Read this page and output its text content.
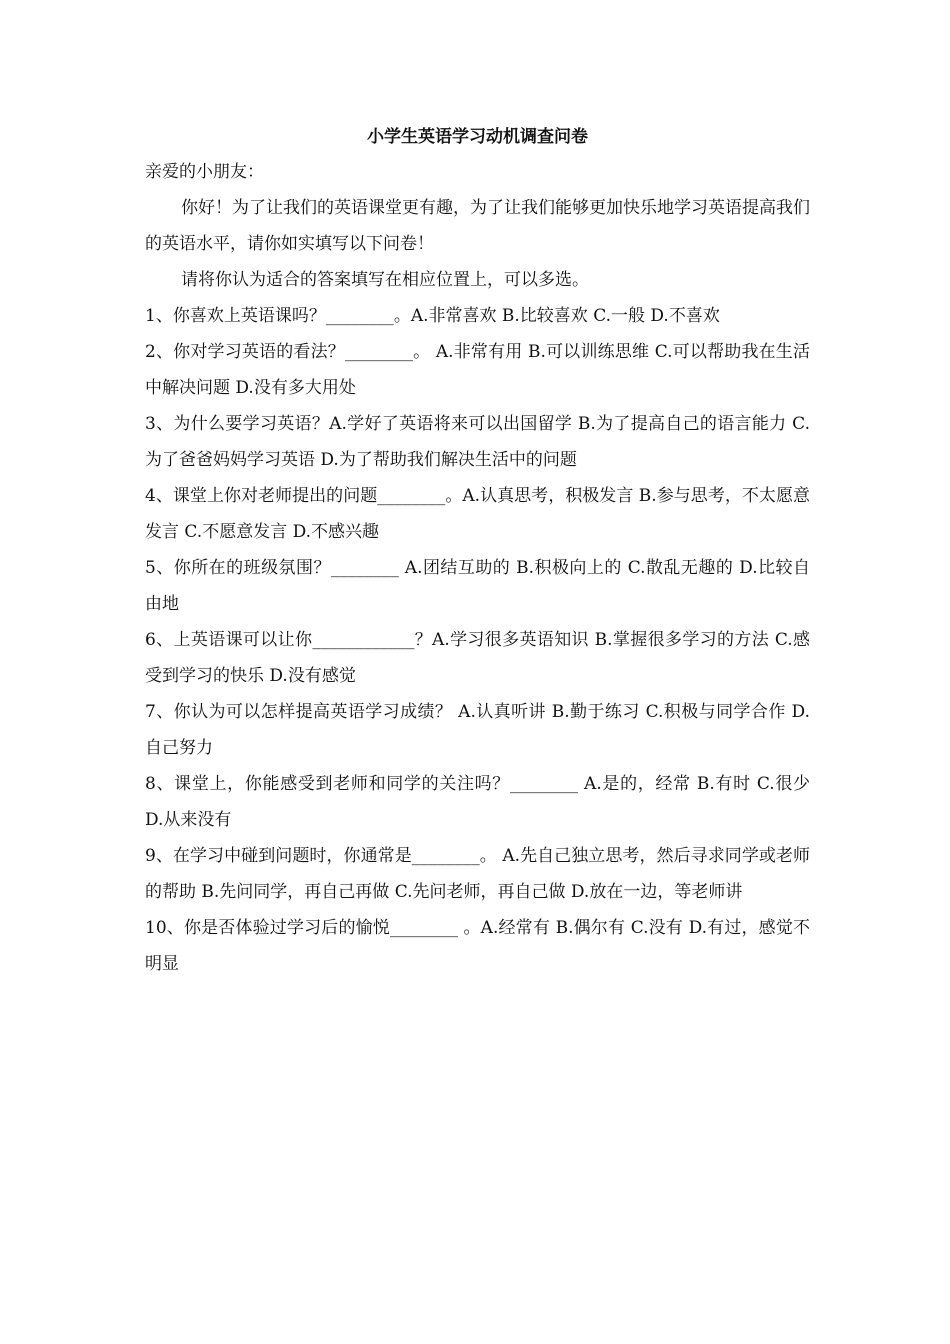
小学生英语学习动机调查问卷
亲爱的小朋友：
你好！为了让我们的英语课堂更有趣，为了让我们能够更加快乐地学习英语提高我们的英语水平，请你如实填写以下问卷！
请将你认为适合的答案填写在相应位置上，可以多选。
1、你喜欢上英语课吗？________。A.非常喜欢 B.比较喜欢 C.一般 D.不喜欢
2、你对学习英语的看法？________。 A.非常有用 B.可以训练思维 C.可以帮助我在生活中解决问题 D.没有多大用处
3、为什么要学习英语？A.学好了英语将来可以出国留学 B.为了提高自己的语言能力 C.为了爸爸妈妈学习英语 D.为了帮助我们解决生活中的问题
4、课堂上你对老师提出的问题________。A.认真思考，积极发言 B.参与思考，不太愿意发言 C.不愿意发言 D.不感兴趣
5、你所在的班级氛围？________ A.团结互助的 B.积极向上的 C.散乱无趣的 D.比较自由地
6、上英语课可以让你____________？A.学习很多英语知识 B.掌握很多学习的方法 C.感受到学习的快乐 D.没有感觉
7、你认为可以怎样提高英语学习成绩？ A.认真听讲 B.勤于练习 C.积极与同学合作 D.自己努力
8、课堂上，你能感受到老师和同学的关注吗？________ A.是的，经常 B.有时 C.很少 D.从来没有
9、在学习中碰到问题时，你通常是________。 A.先自己独立思考，然后寻求同学或老师的帮助 B.先问同学，再自己再做 C.先问老师，再自己做 D.放在一边，等老师讲
10、你是否体验过学习后的愉悦________ 。A.经常有 B.偶尔有 C.没有 D.有过，感觉不明显
